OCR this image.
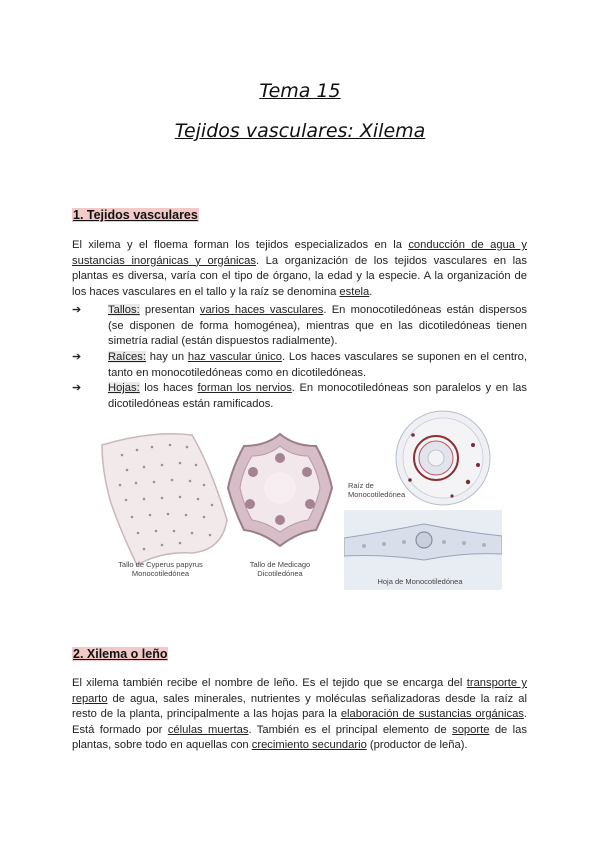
Tema 15
Tejidos vasculares: Xilema
1. Tejidos vasculares
El xilema y el floema forman los tejidos especializados en la conducción de agua y sustancias inorgánicas y orgánicas. La organización de los tejidos vasculares en las plantas es diversa, varía con el tipo de órgano, la edad y la especie. A la organización de los haces vasculares en el tallo y la raíz se denomina estela.
➔	Tallos: presentan varios haces vasculares. En monocotiledóneas están dispersos (se disponen de forma homogénea), mientras que en las dicotiledóneas tienen simetría radial (están dispuestos radialmente).
➔	Raíces: hay un haz vascular único. Los haces vasculares se suponen en el centro, tanto en monocotiledóneas como en dicotiledóneas.
➔	Hojas: los haces forman los nervios. En monocotiledóneas son paralelos y en las dicotiledóneas están ramificados.
Tallo de Cyperus papyrus
Monocotiledónea
Tallo de Medicago
Dicotiledónea
Raíz de
Monocotiledónea
Hoja de Monocotiledónea
2. Xilema o leño
El xilema también recibe el nombre de leño. Es el tejido que se encarga del transporte y reparto de agua, sales minerales, nutrientes y moléculas señalizadoras desde la raíz al resto de la planta, principalmente a las hojas para la elaboración de sustancias orgánicas. Está formado por células muertas. También es el principal elemento de soporte de las plantas, sobre todo en aquellas con crecimiento secundario (productor de leña).
